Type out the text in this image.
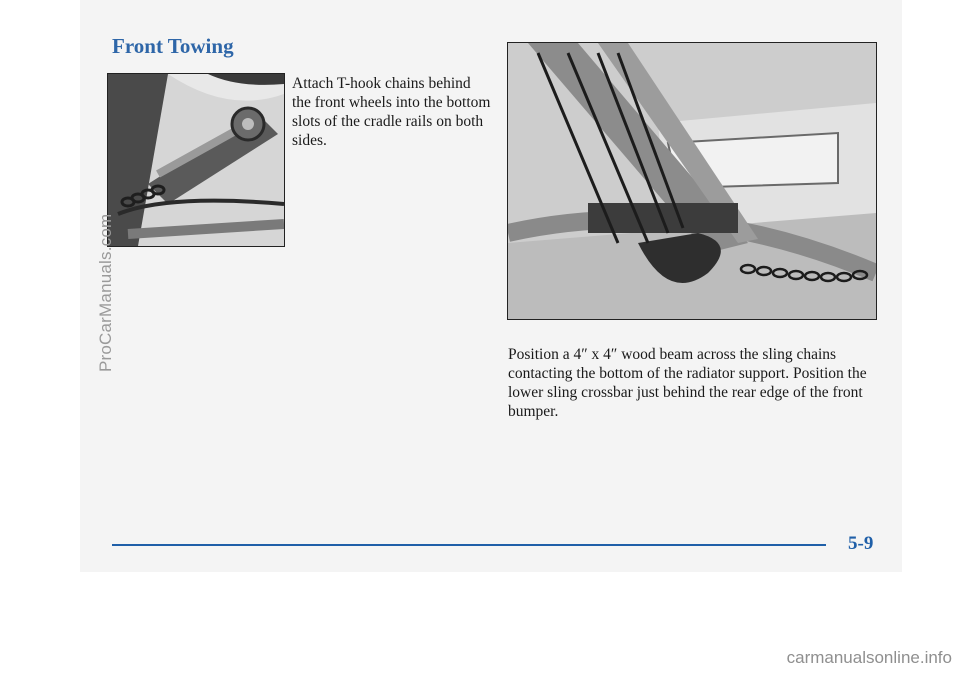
Front Towing
Attach T-hook chains behind the front wheels into the bottom slots of the cradle rails on both sides.
Position a 4″ x 4″ wood beam across the sling chains contacting the bottom of the radiator support. Position the lower sling crossbar just behind the rear edge of the front bumper.
5-9
ProCarManuals.com
carmanualsonline.info
